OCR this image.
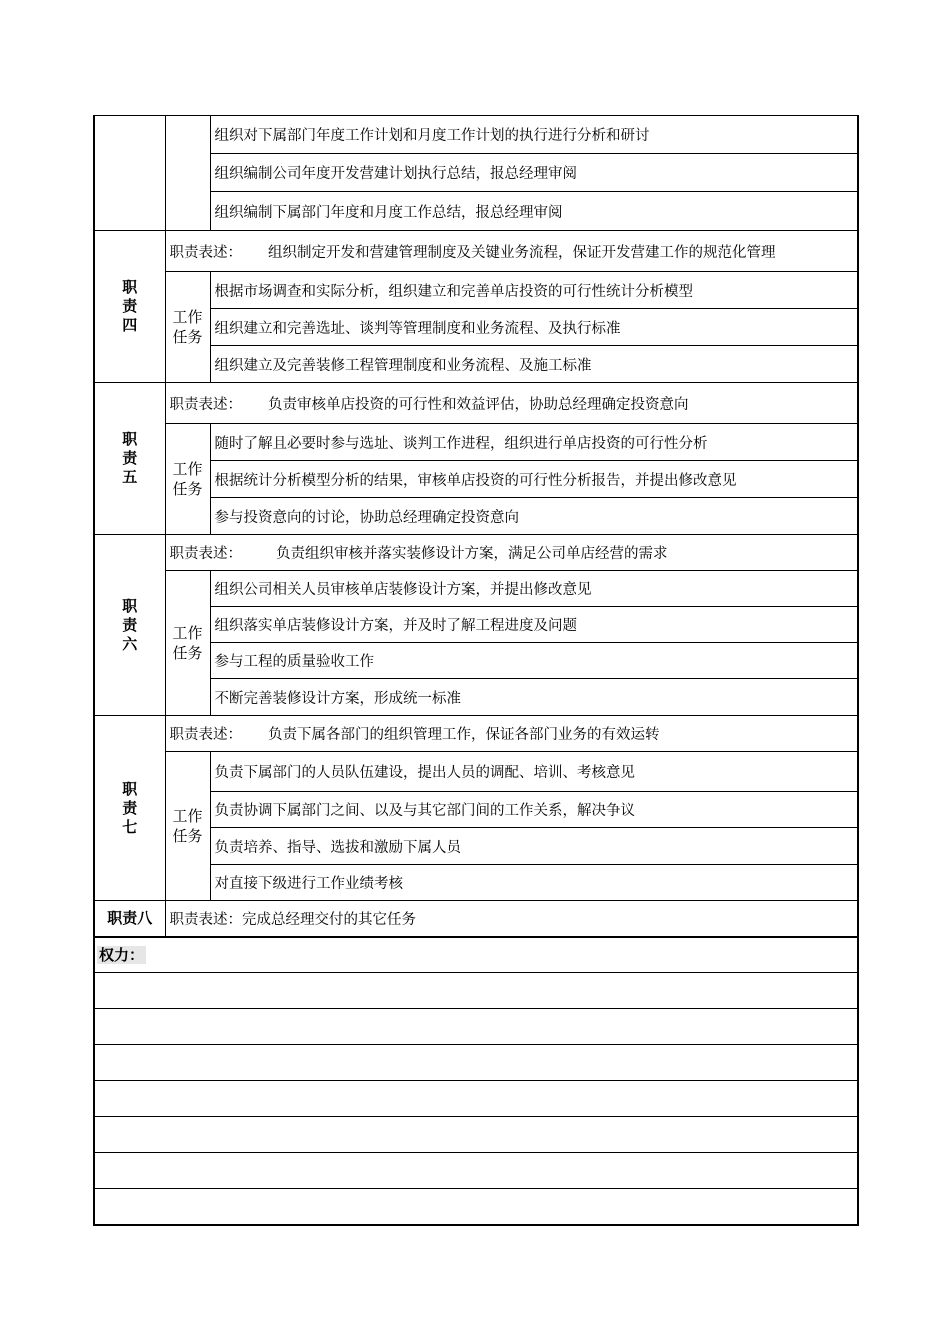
		组织对下属部门年度工作计划和月度工作计划的执行进行分析和研讨
		组织编制公司年度开发营建计划执行总结，报总经理审阅
		组织编制下属部门年度和月度工作总结，报总经理审阅
职
责
四	职责表述： 组织制定开发和营建管理制度及关键业务流程，保证开发营建工作的规范化管理	
	工作
任务	根据市场调查和实际分析，组织建立和完善单店投资的可行性统计分析模型
		组织建立和完善选址、谈判等管理制度和业务流程、及执行标准
		组织建立及完善装修工程管理制度和业务流程、及施工标准
职
责
五	职责表述： 负责审核单店投资的可行性和效益评估，协助总经理确定投资意向	
	工作
任务	随时了解且必要时参与选址、谈判工作进程，组织进行单店投资的可行性分析
		根据统计分析模型分析的结果，审核单店投资的可行性分析报告，并提出修改意见
		参与投资意向的讨论，协助总经理确定投资意向
职
责
六	职责表述： 负责组织审核并落实装修设计方案，满足公司单店经营的需求	
	工作
任务	组织公司相关人员审核单店装修设计方案，并提出修改意见
		组织落实单店装修设计方案，并及时了解工程进度及问题
		参与工程的质量验收工作
		不断完善装修设计方案，形成统一标准
职
责
七	职责表述： 负责下属各部门的组织管理工作，保证各部门业务的有效运转	
	工作
任务	负责下属部门的人员队伍建设，提出人员的调配、培训、考核意见
		负责协调下属部门之间、以及与其它部门间的工作关系，解决争议
		负责培养、指导、选拔和激励下属人员
		对直接下级进行工作业绩考核
职责八	职责表述：完成总经理交付的其它任务	
权力：		
